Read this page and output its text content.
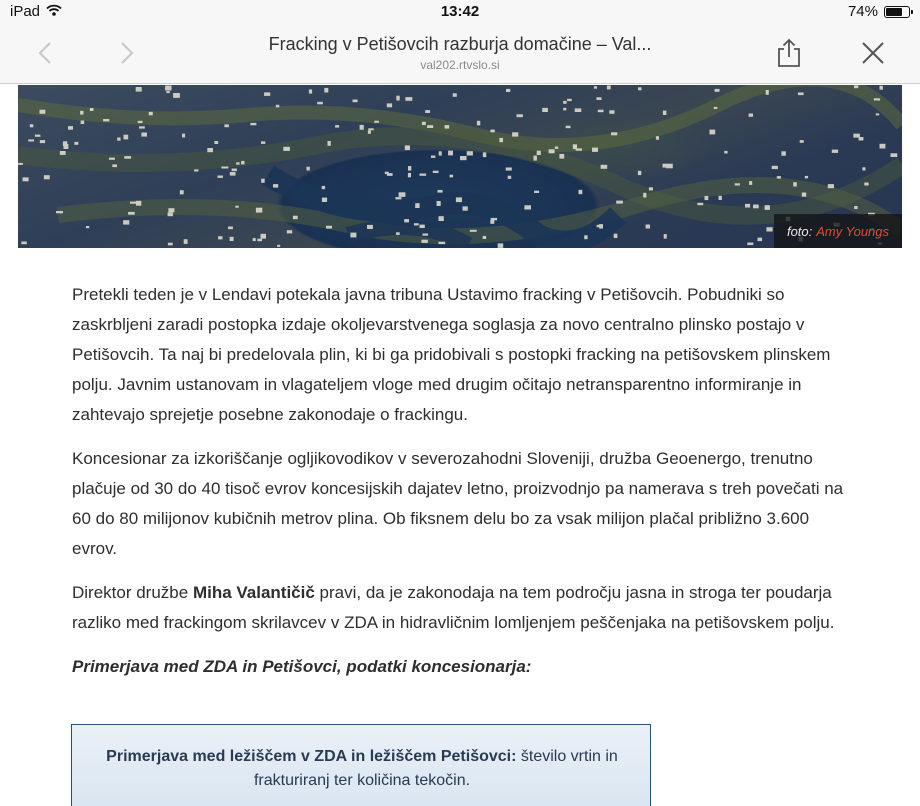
iPad	13:42	74%
Fracking v Petišovcih razburja domačine – Val...
val202.rtvslo.si
foto: Amy Youngs

Pretekli teden je v Lendavi potekala javna tribuna Ustavimo fracking v Petišovcih. Pobudniki so zaskrbljeni zaradi postopka izdaje okoljevarstvenega soglasja za novo centralno plinsko postajo v Petišovcih. Ta naj bi predelovala plin, ki bi ga pridobivali s postopki fracking na petišovskem plinskem polju. Javnim ustanovam in vlagateljem vloge med drugim očitajo netransparentno informiranje in zahtevajo sprejetje posebne zakonodaje o frackingu.

Koncesionar za izkoriščanje ogljikovodikov v severozahodni Sloveniji, družba Geoenergo, trenutno plačuje od 30 do 40 tisoč evrov koncesijskih dajatev letno, proizvodnjo pa namerava s treh povečati na 60 do 80 milijonov kubičnih metrov plina. Ob fiksnem delu bo za vsak milijon plačal približno 3.600 evrov.

Direktor družbe Miha Valantičič pravi, da je zakonodaja na tem področju jasna in stroga ter poudarja razliko med frackingom skrilavcev v ZDA in hidravličnim lomljenjem peščenjaka na petišovskem polju.

Primerjava med ZDA in Petišovci, podatki koncesionarja:
Primerjava med ležiščem v ZDA in ležiščem Petišovci: število vrtin in frakturiranj ter količina tekočin.
